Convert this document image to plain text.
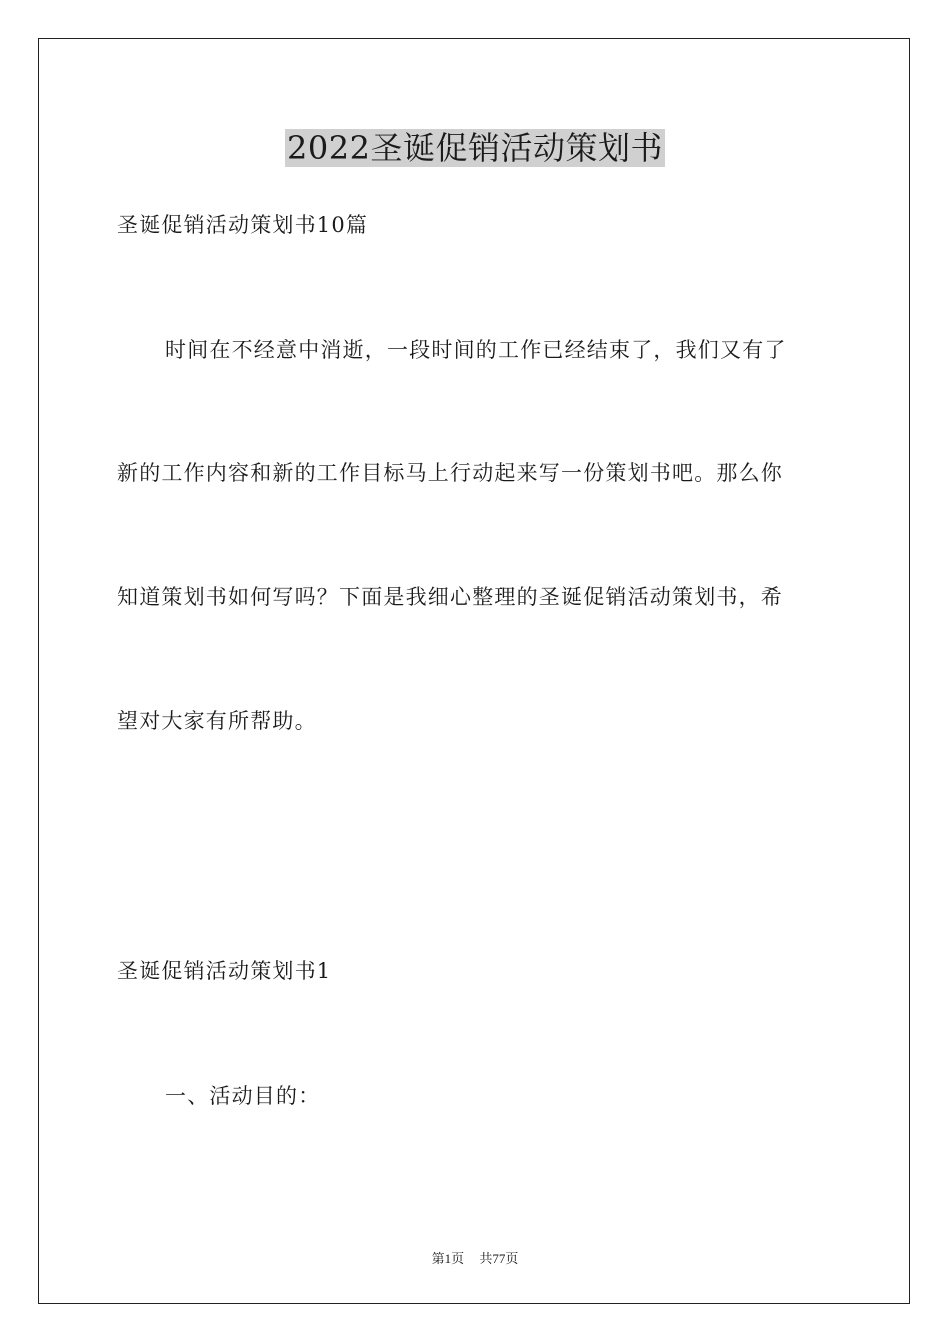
2022圣诞促销活动策划书
圣诞促销活动策划书10篇
时间在不经意中消逝，一段时间的工作已经结束了，我们又有了
新的工作内容和新的工作目标马上行动起来写一份策划书吧。那么你
知道策划书如何写吗？下面是我细心整理的圣诞促销活动策划书，希
望对大家有所帮助。
圣诞促销活动策划书1
一、活动目的：
第1页 共77页
